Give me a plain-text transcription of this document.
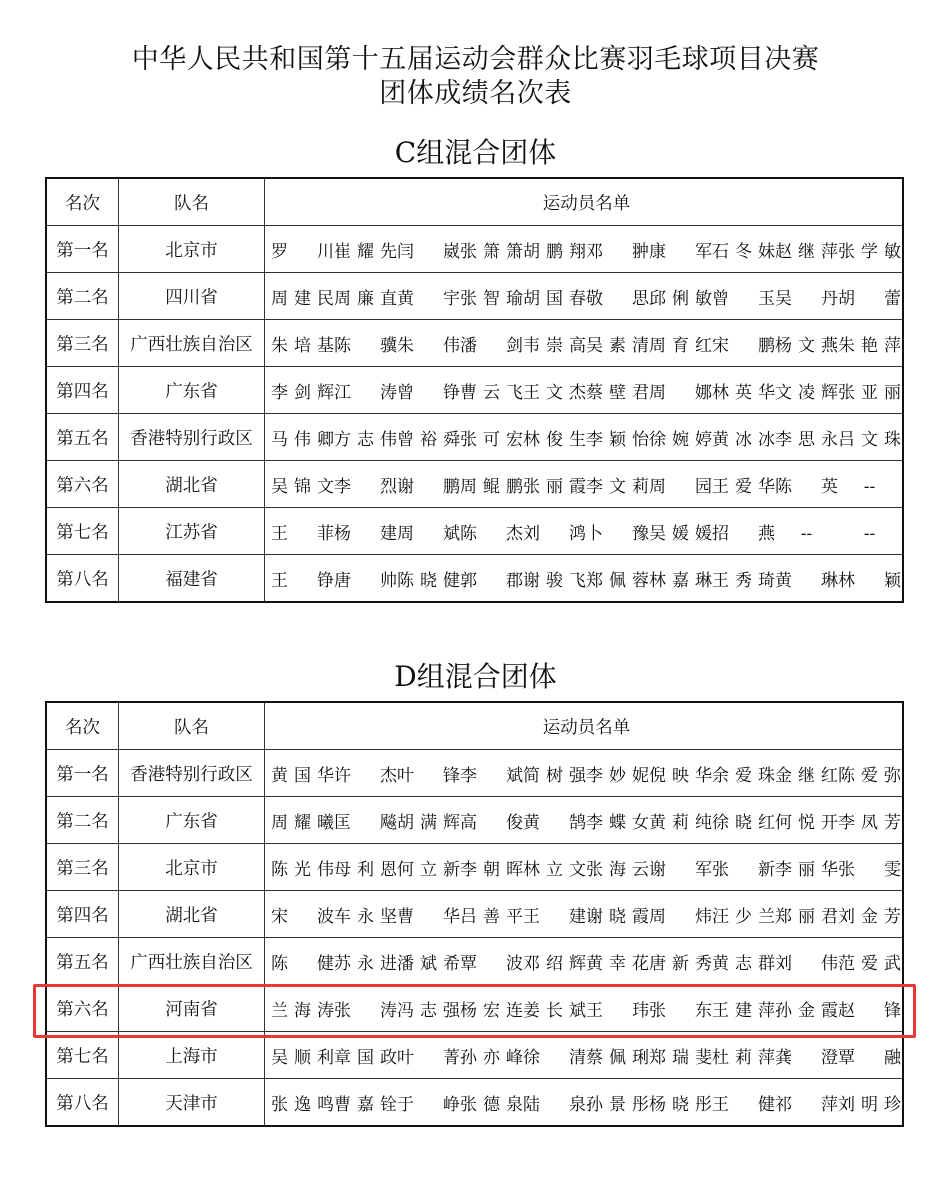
中华人民共和国第十五届运动会群众比赛羽毛球项目决赛
团体成绩名次表
C组混合团体
名次	队名	运动员名单
第一名	北京市	罗　川崔耀先闫　崴张箫箫胡鹏翔邓　翀康　军石冬妹赵继萍张学敏
第二名	四川省	周建民周廉直黄　宇张智瑜胡国春敬　思邱俐敏曾　玉吴　丹胡　蕾
第三名	广西壮族自治区	朱培基陈　骥朱　伟潘　剑韦崇高吴素清周育红宋　鹏杨文燕朱艳萍
第四名	广东省	李剑辉江　涛曾　铮曹云飞王文杰蔡壁君周　娜林英华文凌辉张亚丽
第五名	香港特别行政区	马伟卿方志伟曾裕舜张可宏林俊生李颖怡徐婉婷黄冰冰李思永吕文珠
第六名	湖北省	吴锦文李　烈谢　鹏周鲲鹏张丽霞李文莉周　园王爱华陈　英 --
第七名	江苏省	王　菲杨　建周　斌陈　杰刘　鸿卜　豫吴媛媛招　燕 -- --
第八名	福建省	王　铮唐　帅陈晓健郭　郡谢骏飞郑佩蓉林嘉琳王秀琦黄　琳林　颖
D组混合团体
名次	队名	运动员名单
第一名	香港特别行政区	黄国华许　杰叶　锋李　斌简树强李妙妮倪映华余爱珠金继红陈爱弥
第二名	广东省	周耀曦匡　飚胡满辉高　俊黄　鹄李蝶女黄莉纯徐晓红何悦开李凤芳
第三名	北京市	陈光伟母利恩何立新李朝晖林立文张海云谢　军张　新李丽华张　雯
第四名	湖北省	宋　波车永坚曹　华吕善平王　建谢晓霞周　炜汪少兰郑丽君刘金芳
第五名	广西壮族自治区	陈　健苏永进潘斌希覃　波邓绍辉黄幸花唐新秀黄志群刘　伟范爱武
第六名	河南省	兰海涛张　涛冯志强杨宏连姜长斌王　玮张　东王建萍孙金霞赵　锋
第七名	上海市	吴顺利章国政叶　菁孙亦峰徐　清蔡佩琍郑瑞斐杜莉萍龚　澄覃　融
第八名	天津市	张逸鸣曹嘉铨于　峥张德泉陆　泉孙景彤杨晓彤王　健祁　萍刘明珍
